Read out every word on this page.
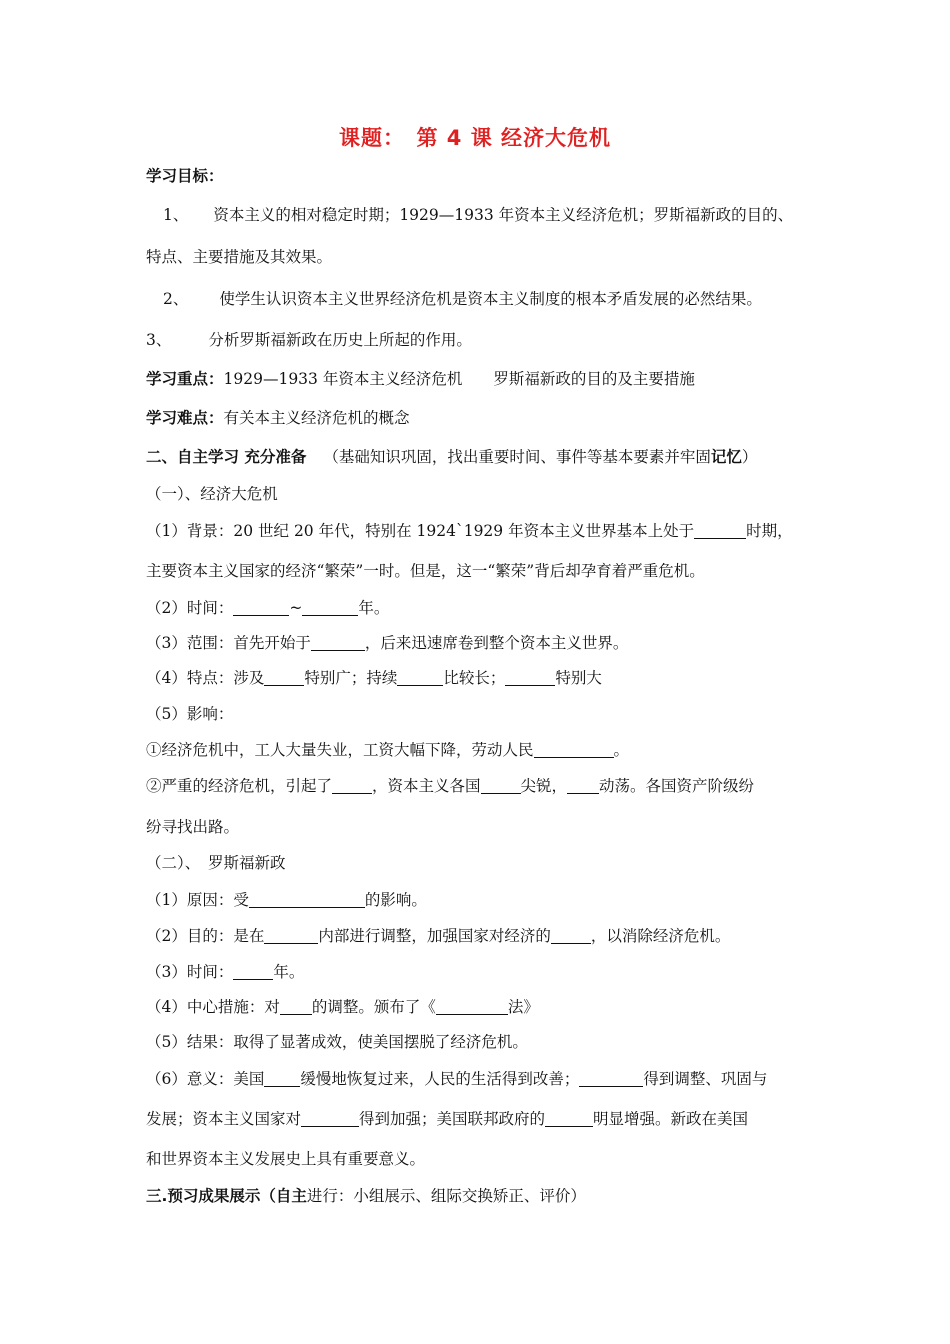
课题：　第 4 课 经济大危机
学习目标：
1、 资本主义的相对稳定时期；1929—1933 年资本主义经济危机；罗斯福新政的目的、
特点、主要措施及其效果。
2、 使学生认识资本主义世界经济危机是资本主义制度的根本矛盾发展的必然结果。
3、 分析罗斯福新政在历史上所起的作用。
学习重点：1929—1933 年资本主义经济危机　　罗斯福新政的目的及主要措施
学习难点：有关本主义经济危机的概念
二、自主学习 充分准备 （基础知识巩固，找出重要时间、事件等基本要素并牢固记忆）
（一）、经济大危机
（1）背景：20 世纪 20 年代，特别在 1924`1929 年资本主义世界基本上处于	时期，
主要资本主义国家的经济“繁荣”一时。但是，这一“繁荣”背后却孕育着严重危机。
（2）时间：	~	年。
（3）范围：首先开始于	，后来迅速席卷到整个资本主义世界。
（4）特点：涉及	特别广；持续	比较长；	特别大
（5）影响：
①经济危机中，工人大量失业，工资大幅下降，劳动人民	。
②严重的经济危机，引起了	，资本主义各国	尖锐， 动荡。各国资产阶级纷
纷寻找出路。
（二）、　罗斯福新政
（1）原因：受	的影响。
（2）目的：是在	内部进行调整，加强国家对经济的	，以消除经济危机。
（3）时间：	年。
（4）中心措施：对 的调整。颁布了《	法》
（5）结果：取得了显著成效，使美国摆脱了经济危机。
（6）意义：美国 缓慢地恢复过来，人民的生活得到改善；	得到调整、巩固与
发展；资本主义国家对	得到加强；美国联邦政府的	明显增强。新政在美国
和世界资本主义发展史上具有重要意义。
三.预习成果展示（自主进行：小组展示、组际交换矫正、评价）
